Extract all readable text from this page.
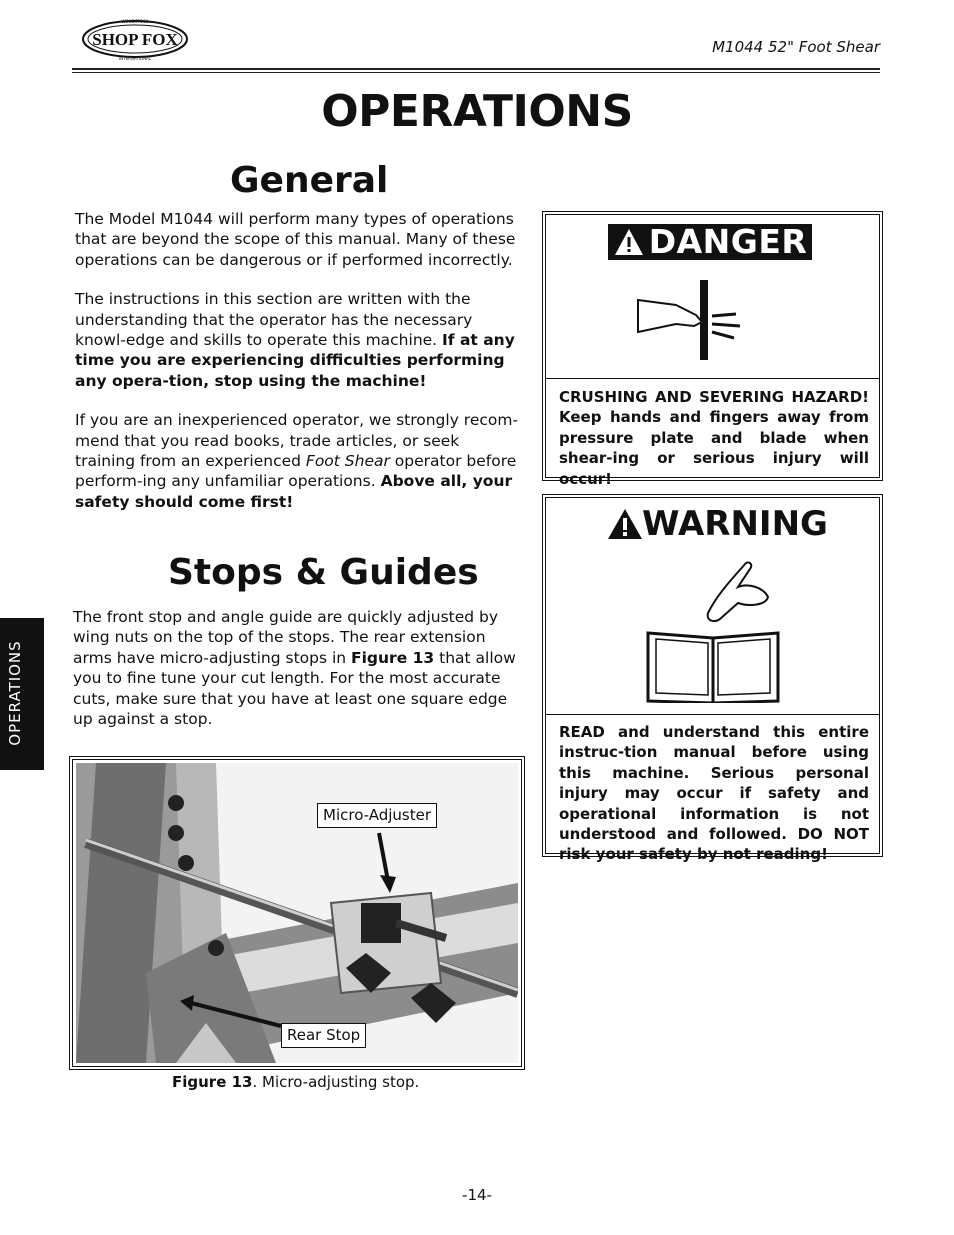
SHOP FOX
WOODSTOCK
INTERNATIONAL
M1044 52" Foot Shear
OPERATIONS
OPERATIONS
General

The Model M1044 will perform many types of operations that are beyond the scope of this manual. Many of these operations can be dangerous or if performed incorrectly.

The instructions in this section are written with the understanding that the operator has the necessary knowl-edge and skills to operate this machine. If at any time you are experiencing difficulties performing any opera-tion, stop using the machine!

If you are an inexperienced operator, we strongly recom-mend that you read books, trade articles, or seek training from an experienced Foot Shear operator before perform-ing any unfamiliar operations. Above all, your safety should come first!

Stops & Guides

The front stop and angle guide are quickly adjusted by wing nuts on the top of the stops. The rear extension arms have micro-adjusting stops in Figure 13 that allow you to fine tune your cut length. For the most accurate cuts, make sure that you have at least one square edge up against a stop.

Micro-Adjuster
Rear Stop
Figure 13. Micro-adjusting stop.
DANGER
CRUSHING AND SEVERING HAZARD! Keep hands and fingers away from pressure plate and blade when shear-ing or serious injury will occur!
WARNING
READ and understand this entire instruc-tion manual before using this machine. Serious personal injury may occur if safety and operational information is not understood and followed. DO NOT risk your safety by not reading!
-14-
